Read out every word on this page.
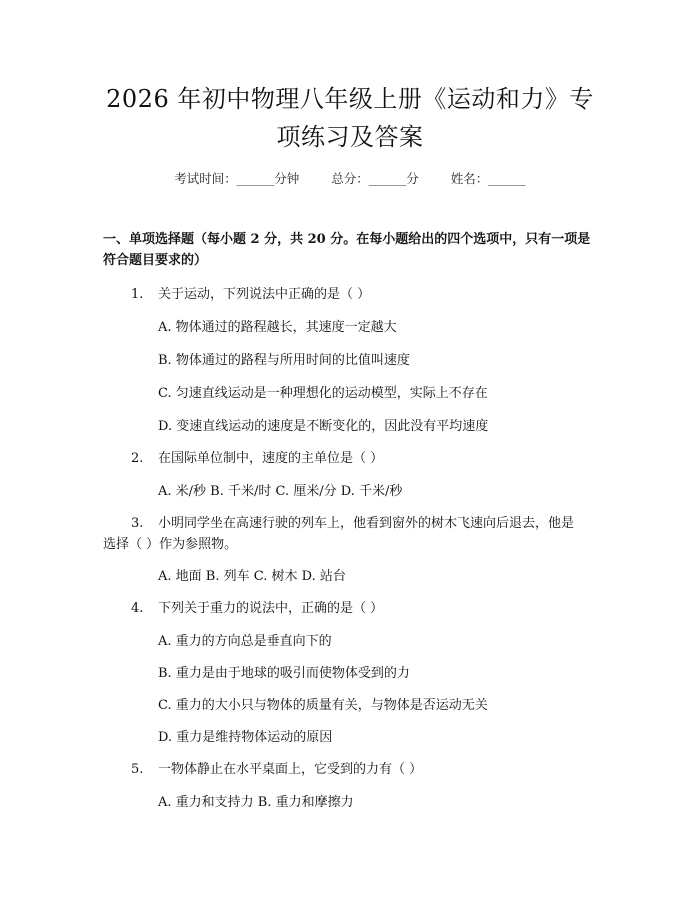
2026 年初中物理八年级上册《运动和力》专
项练习及答案
考试时间：______分钟	总分：______分	姓名：______
一、单项选择题（每小题 2 分，共 20 分。在每小题给出的四个选项中，只有一项是符合题目要求的）
1. 关于运动，下列说法中正确的是（ ）
A. 物体通过的路程越长，其速度一定越大
B. 物体通过的路程与所用时间的比值叫速度
C. 匀速直线运动是一种理想化的运动模型，实际上不存在
D. 变速直线运动的速度是不断变化的，因此没有平均速度
2. 在国际单位制中，速度的主单位是（ ）
A. 米/秒 B. 千米/时 C. 厘米/分 D. 千米/秒
3. 小明同学坐在高速行驶的列车上，他看到窗外的树木飞速向后退去，他是
选择（ ）作为参照物。
A. 地面 B. 列车 C. 树木 D. 站台
4. 下列关于重力的说法中，正确的是（ ）
A. 重力的方向总是垂直向下的
B. 重力是由于地球的吸引而使物体受到的力
C. 重力的大小只与物体的质量有关，与物体是否运动无关
D. 重力是维持物体运动的原因
5. 一物体静止在水平桌面上，它受到的力有（ ）
A. 重力和支持力 B. 重力和摩擦力
